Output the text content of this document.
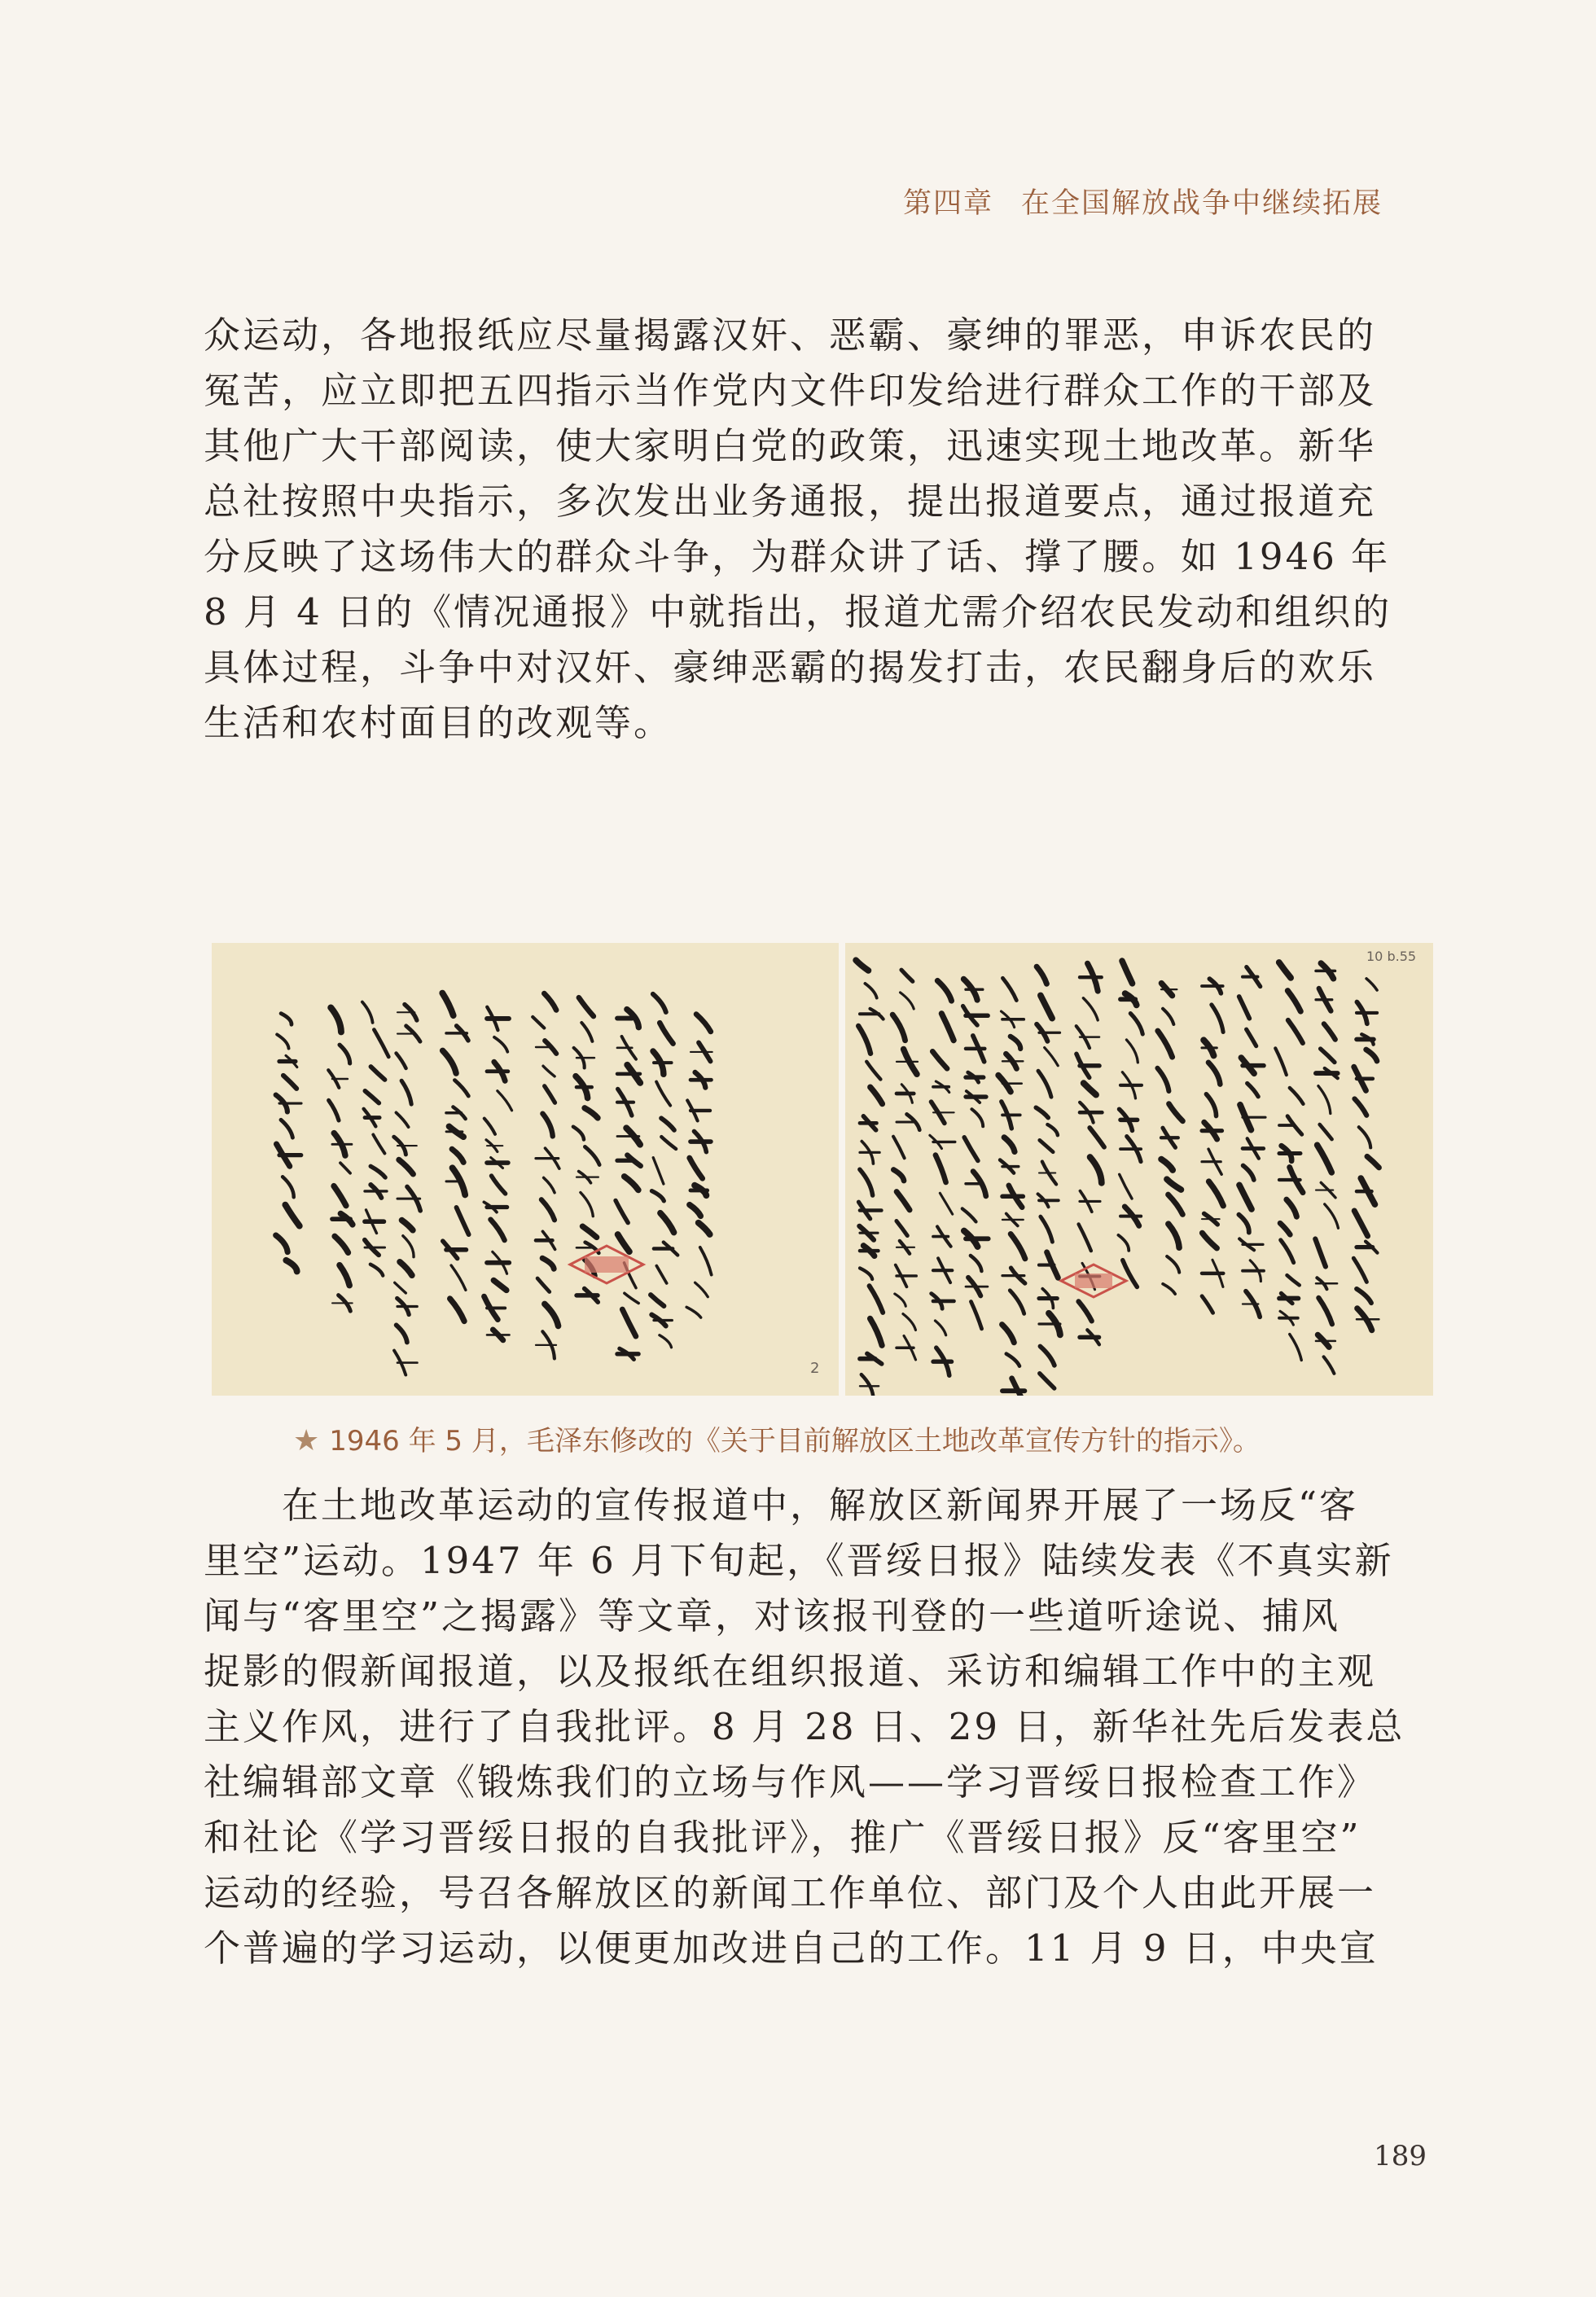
第四章 在全国解放战争中继续拓展
众运动，各地报纸应尽量揭露汉奸、恶霸、豪绅的罪恶，申诉农民的
冤苦，应立即把五四指示当作党内文件印发给进行群众工作的干部及
其他广大干部阅读，使大家明白党的政策，迅速实现土地改革。新华
总社按照中央指示，多次发出业务通报，提出报道要点，通过报道充
分反映了这场伟大的群众斗争，为群众讲了话、撑了腰。如 1946 年
8 月 4 日的《情况通报》中就指出，报道尤需介绍农民发动和组织的
具体过程，斗争中对汉奸、豪绅恶霸的揭发打击，农民翻身后的欢乐
生活和农村面目的改观等。
2
10 b.55
★ 1946 年 5 月，毛泽东修改的《关于目前解放区土地改革宣传方针的指示》。
　　在土地改革运动的宣传报道中，解放区新闻界开展了一场反“客
里空”运动。1947 年 6 月下旬起，《晋绥日报》陆续发表《不真实新
闻与“客里空”之揭露》等文章，对该报刊登的一些道听途说、捕风
捉影的假新闻报道，以及报纸在组织报道、采访和编辑工作中的主观
主义作风，进行了自我批评。8 月 28 日、29 日，新华社先后发表总
社编辑部文章《锻炼我们的立场与作风——学习晋绥日报检查工作》
和社论《学习晋绥日报的自我批评》，推广《晋绥日报》反“客里空”
运动的经验，号召各解放区的新闻工作单位、部门及个人由此开展一
个普遍的学习运动，以便更加改进自己的工作。11 月 9 日，中央宣
189
